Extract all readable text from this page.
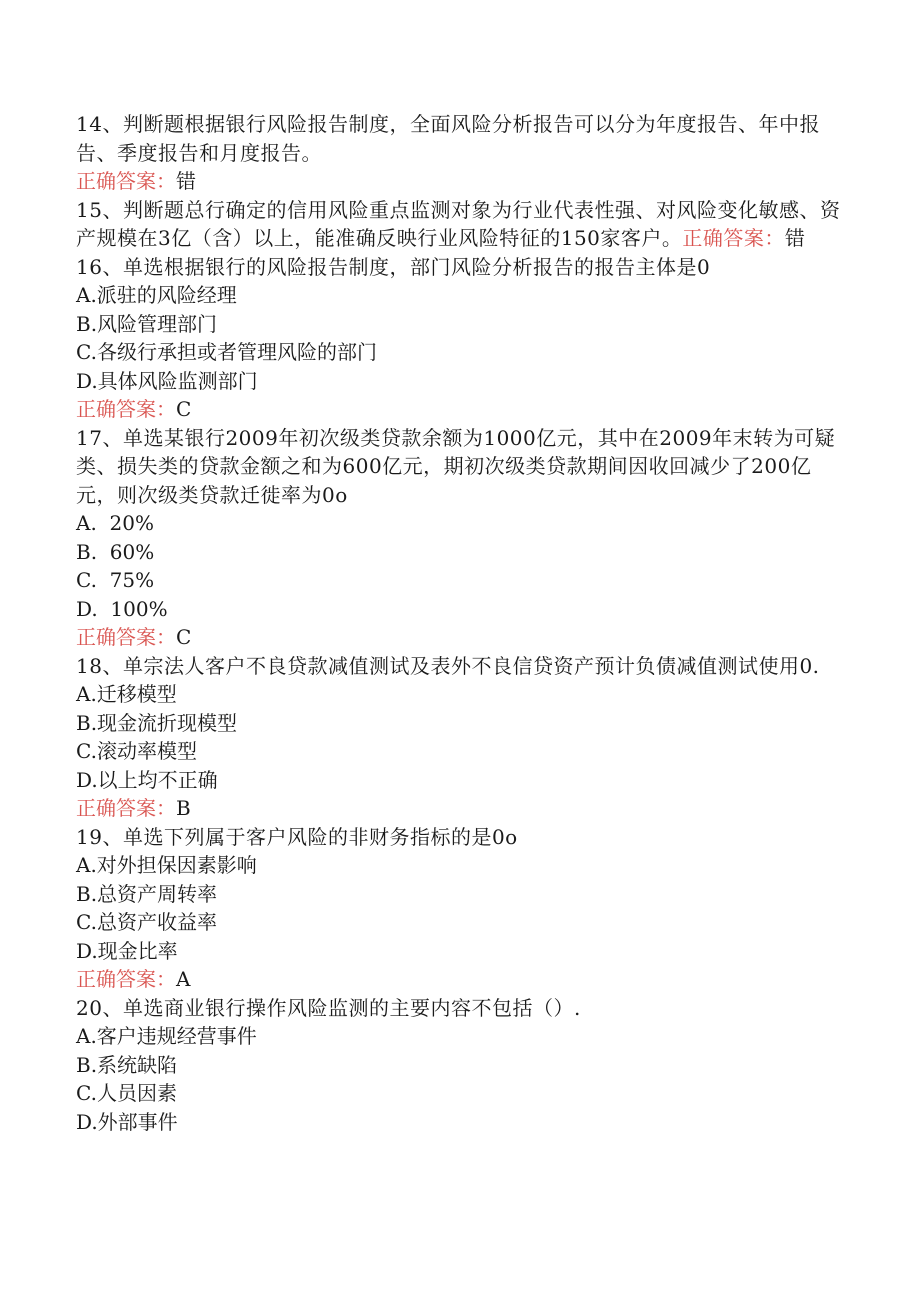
14、判断题根据银行风险报告制度，全面风险分析报告可以分为年度报告、年中报告、季度报告和月度报告。

正确答案：错

15、判断题总行确定的信用风险重点监测对象为行业代表性强、对风险变化敏感、资产规模在3亿（含）以上，能准确反映行业风险特征的150家客户。正确答案：错

16、单选根据银行的风险报告制度，部门风险分析报告的报告主体是0

A.派驻的风险经理

B.风险管理部门

C.各级行承担或者管理风险的部门

D.具体风险监测部门

正确答案：C

17、单选某银行2009年初次级类贷款余额为1000亿元，其中在2009年末转为可疑类、损失类的贷款金额之和为600亿元，期初次级类贷款期间因收回减少了200亿元，则次级类贷款迁徙率为0o

A.  20%

B.  60%

C.  75%

D.  100%

正确答案：C

18、单宗法人客户不良贷款减值测试及表外不良信贷资产预计负债减值测试使用0.

A.迁移模型

B.现金流折现模型

C.滚动率模型

D.以上均不正确

正确答案：B

19、单选下列属于客户风险的非财务指标的是0o

A.对外担保因素影响

B.总资产周转率

C.总资产收益率

D.现金比率

正确答案：A

20、单选商业银行操作风险监测的主要内容不包括（）.

A.客户违规经营事件

B.系统缺陷

C.人员因素

D.外部事件
